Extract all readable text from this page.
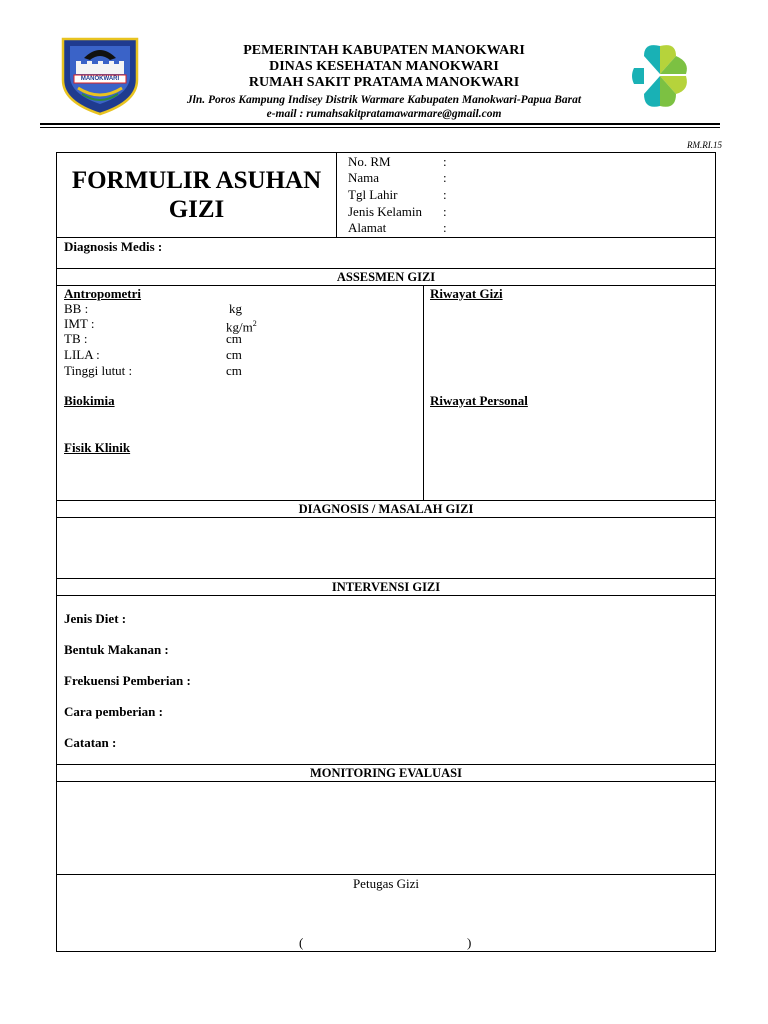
MANOKWARI
PEMERINTAH KABUPATEN MANOKWARI
DINAS KESEHATAN MANOKWARI
RUMAH SAKIT PRATAMA MANOKWARI
Jln. Poros Kampung Indisey Distrik Warmare Kabupaten Manokwari-Papua Barat
e-mail : rumahsakitpratamawarmare@gmail.com
RM.RI.15
FORMULIR ASUHAN
GIZI
No. RM	:
Nama	:
Tgl Lahir	:
Jenis Kelamin :
Alamat	:
Diagnosis Medis :
ASSESMEN GIZI
Antropometri
BB :	kg
IMT :	$kg/m^2$
TB :	cm
LILA :	cm
Tinggi lutut :	cm
Biokimia
Fisik Klinik
Riwayat Gizi
Riwayat Personal
DIAGNOSIS / MASALAH GIZI
INTERVENSI GIZI
Jenis Diet :
Bentuk Makanan :
Frekuensi Pemberian :
Cara pemberian :
Catatan :
MONITORING EVALUASI
Petugas Gizi
(	)
